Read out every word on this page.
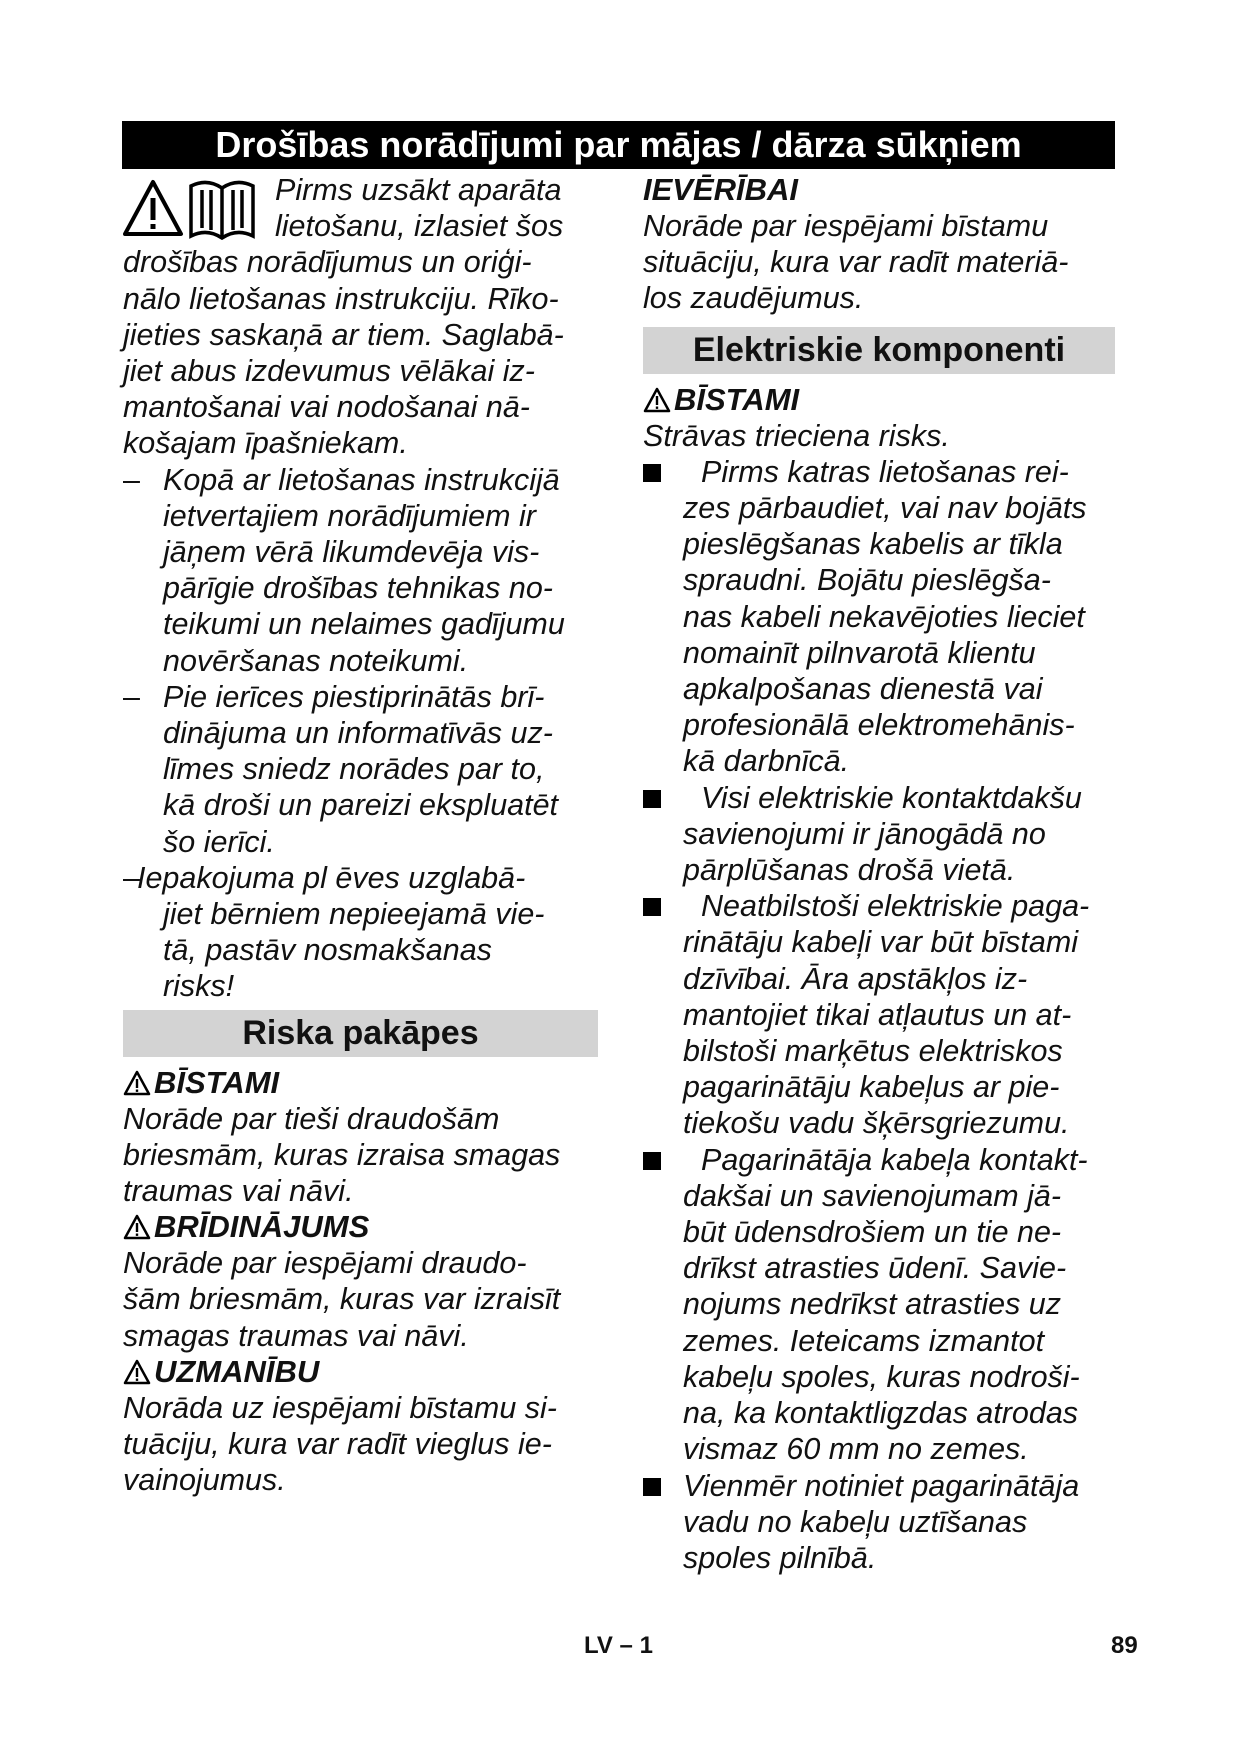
Drošības norādījumi par mājas / dārza sūkņiem

Pirms uzsākt aparāta

lietošanu, izlasiet šos

drošības norādījumus un oriģi-

nālo lietošanas instrukciju. Rīko-

jieties saskaņā ar tiem. Saglabā-

jiet abus izdevumus vēlākai iz-

mantošanai vai nodošanai nā-

košajam īpašniekam.

– Kopā ar lietošanas instrukcijā

ietvertajiem norādījumiem ir

jāņem vērā likumdevēja vis-

pārīgie drošības tehnikas no-

teikumi un nelaimes gadījumu

novēršanas noteikumi.

– Pie ierīces piestiprinātās brī-

dinājuma un informatīvās uz-

līmes sniedz norādes par to,

kā droši un pareizi ekspluatēt

šo ierīci.

–

Iepakojuma pl ēves uzglabā-

jiet bērniem nepieejamā vie-

tā, pastāv nosmakšanas

risks!

Riska pakāpes

BĪSTAMI

Norāde par tieši draudošām

briesmām, kuras izraisa smagas

traumas vai nāvi.

BRĪDINĀJUMS

Norāde par iespējami draudo-

šām briesmām, kuras var izraisīt

smagas traumas vai nāvi.

UZMANĪBU

Norāda uz iespējami bīstamu si-

tuāciju, kura var radīt vieglus ie-

vainojumus.

IEVĒRĪBAI

Norāde par iespējami bīstamu

situāciju, kura var radīt materiā-

los zaudējumus.

Elektriskie komponenti

BĪSTAMI

Strāvas trieciena risks.

Pirms katras lietošanas rei-

zes pārbaudiet, vai nav bojāts

pieslēgšanas kabelis ar tīkla

spraudni. Bojātu pieslēgša-

nas kabeli nekavējoties lieciet

nomainīt pilnvarotā klientu

apkalpošanas dienestā vai

profesionālā elektromehānis-

kā darbnīcā.

Visi elektriskie kontaktdakšu

savienojumi ir jānogādā no

pārplūšanas drošā vietā.

Neatbilstoši elektriskie paga-

rinātāju kabeļi var būt bīstami

dzīvībai. Āra apstākļos iz-

mantojiet tikai atļautus un at-

bilstoši marķētus elektriskos

pagarinātāju kabeļus ar pie-

tiekošu vadu šķērsgriezumu.

Pagarinātāja kabeļa kontakt-

dakšai un savienojumam jā-

būt ūdensdrošiem un tie ne-

drīkst atrasties ūdenī. Savie-

nojums nedrīkst atrasties uz

zemes. Ieteicams izmantot

kabeļu spoles, kuras nodroši-

na, ka kontaktligzdas atrodas

vismaz 60 mm no zemes.

Vienmēr notiniet pagarinātāja

vadu no kabeļu uztīšanas

spoles pilnībā.

LV – 1	89
